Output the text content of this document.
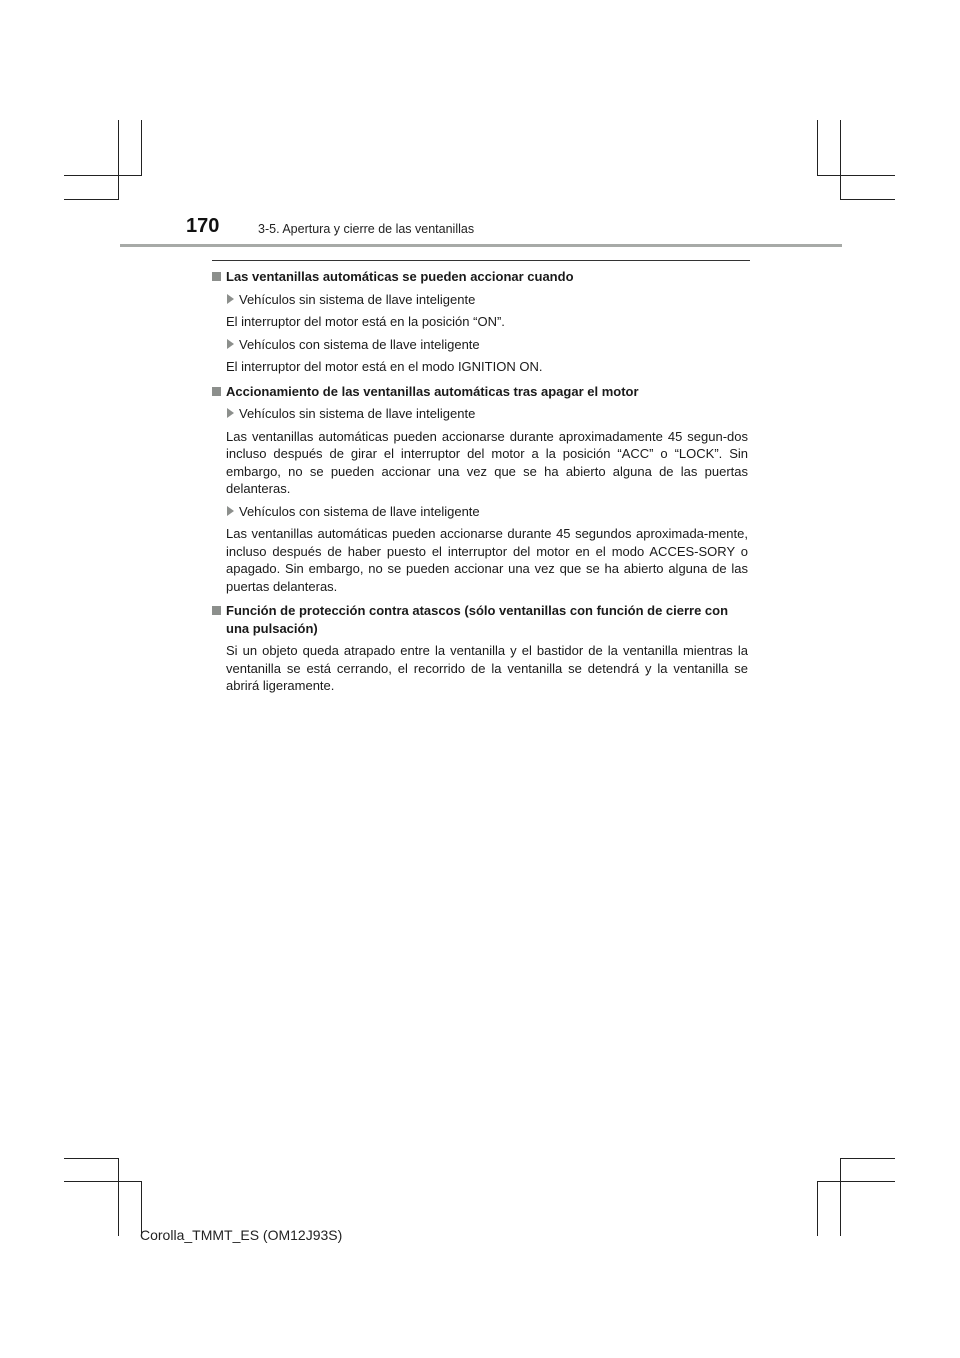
170	3-5. Apertura y cierre de las ventanillas
Las ventanillas automáticas se pueden accionar cuando
Vehículos sin sistema de llave inteligente
El interruptor del motor está en la posición “ON”.
Vehículos con sistema de llave inteligente
El interruptor del motor está en el modo IGNITION ON.
Accionamiento de las ventanillas automáticas tras apagar el motor
Vehículos sin sistema de llave inteligente
Las ventanillas automáticas pueden accionarse durante aproximadamente 45 segun-dos incluso después de girar el interruptor del motor a la posición “ACC” o “LOCK”. Sin embargo, no se pueden accionar una vez que se ha abierto alguna de las puertas delanteras.
Vehículos con sistema de llave inteligente
Las ventanillas automáticas pueden accionarse durante 45 segundos aproximada-mente, incluso después de haber puesto el interruptor del motor en el modo ACCES-SORY o apagado. Sin embargo, no se pueden accionar una vez que se ha abierto alguna de las puertas delanteras.
Función de protección contra atascos (sólo ventanillas con función de cierre con una pulsación)
Si un objeto queda atrapado entre la ventanilla y el bastidor de la ventanilla mientras la ventanilla se está cerrando, el recorrido de la ventanilla se detendrá y la ventanilla se abrirá ligeramente.
Corolla_TMMT_ES (OM12J93S)
